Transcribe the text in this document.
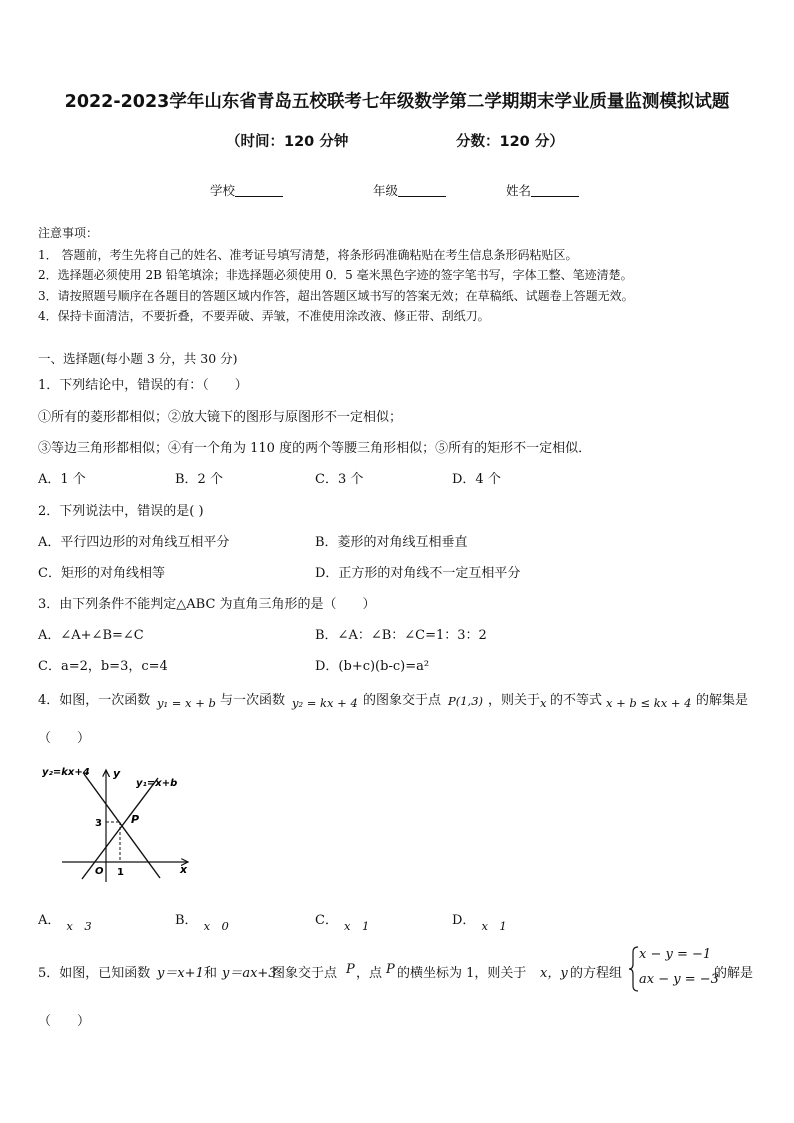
2022-2023学年山东省青岛五校联考七年级数学第二学期期末学业质量监测模拟试题
（时间：120 分钟	分数：120 分）
学校	年级	姓名
注意事项：
1． 答题前，考生先将自己的姓名、准考证号填写清楚，将条形码准确粘贴在考生信息条形码粘贴区。
2．选择题必须使用 2B 铅笔填涂；非选择题必须使用 0．5 毫米黑色字迹的签字笔书写，字体工整、笔迹清楚。
3．请按照题号顺序在各题目的答题区域内作答，超出答题区域书写的答案无效；在草稿纸、试题卷上答题无效。
4．保持卡面清洁，不要折叠，不要弄破、弄皱，不准使用涂改液、修正带、刮纸刀。
一、选择题(每小题 3 分，共 30 分)
1．下列结论中，错误的有：（　　）
①所有的菱形都相似；②放大镜下的图形与原图形不一定相似；
③等边三角形都相似；④有一个角为 110 度的两个等腰三角形相似；⑤所有的矩形不一定相似．
A．1 个	B．2 个	C．3 个	D．4 个
2．下列说法中，错误的是( )
A．平行四边形的对角线互相平分	B．菱形的对角线互相垂直
C．矩形的对角线相等	D．正方形的对角线不一定互相平分
3．由下列条件不能判定△ABC 为直角三角形的是（　　）
A．∠A+∠B=∠C	B．∠A：∠B：∠C=1：3：2
C．a=2，b=3，c=4	D．(b+c)(b-c)=a²
4．如图，一次函数 y₁ = x + b 与一次函数 y₂ = kx + 4 的图象交于点 P(1,3) ，则关于 x 的不等式 x + b ≤ kx + 4 的解集是
（　　）
y₂=kx+4
y₁=x+b
y
x
O 1
3	P
A． x　3	B． x　0	C． x　1	D． x　1
5．如图，已知函数 y＝x+1 和 y＝ax+3
图象交于点 P ，点 P 的横坐标为 1，则关于 x，y 的方程组
x − y = −1
ax − y = −3
的解是
（　　）
